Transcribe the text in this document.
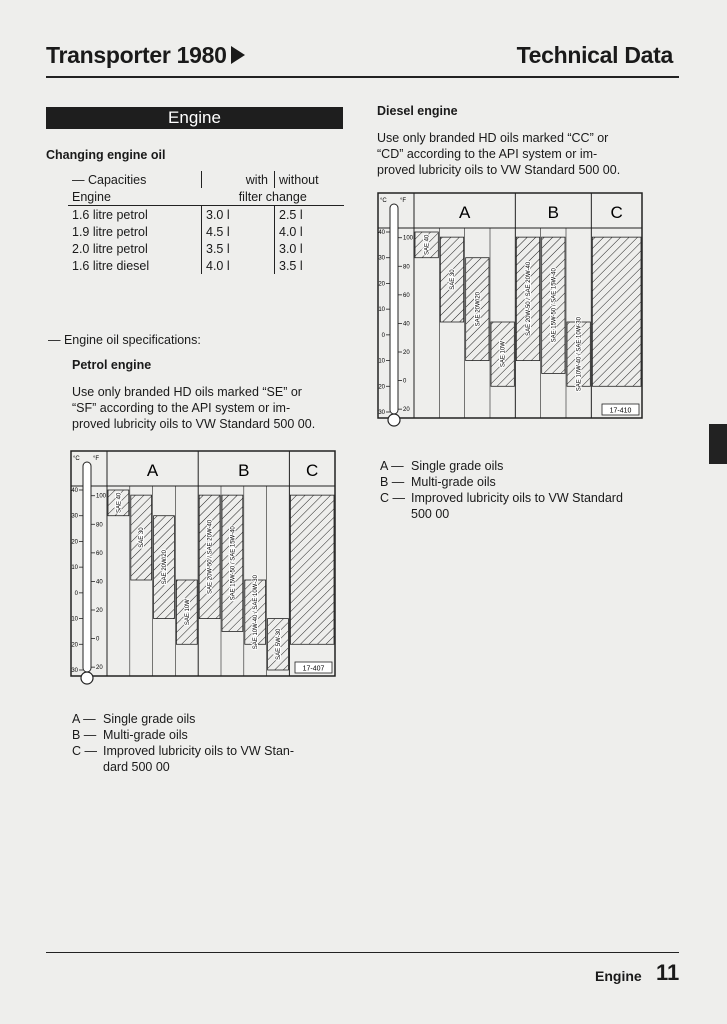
Transporter 1980	Technical Data
Engine
Changing engine oil
— Capacities	with	without
Engine	filter change	

1.6 litre petrol	3.0 l	2.5 l
1.9 litre petrol	4.5 l	4.0 l
2.0 litre petrol	3.5 l	3.0 l
1.6 litre diesel	4.0 l	3.5 l
— Engine oil specifications:
Petrol engine
Use only branded HD oils marked “SE” or
“SF” according to the API system or im-
proved lubricity oils to VW Standard 500 00.
°C °F
40
30
20
10
0
10
20
30
100
80
60
40
20
0
20
A
SAE 40
SAE 30
SAE 20W/20
SAE 10W
B
SAE 20W-50 / SAE 20W-40	SAE 15W-50 / SAE 15W-40
SAE 10W-40 / SAE 10W-30	SAE 5W-30
C
17-407
A — Single grade oils
B — Multi-grade oils
C — Improved lubricity oils to VW Stan-
dard 500 00
Diesel engine
Use only branded HD oils marked “CC” or
“CD” according to the API system or im-
proved lubricity oils to VW Standard 500 00.
°C °F
40
30
20
10
0
10
20
30
100
80
60
40
20
0
20
A
SAE 40
SAE 30
SAE 20W/20
SAE 10W
B
SAE 20W-50 / SAE 20W-40	SAE 15W-50 / SAE 15W-40
SAE 10W-40 / SAE 10W-30
C
17-410
A — Single grade oils
B — Multi-grade oils
C — Improved lubricity oils to VW Standard
500 00
Engine 11
